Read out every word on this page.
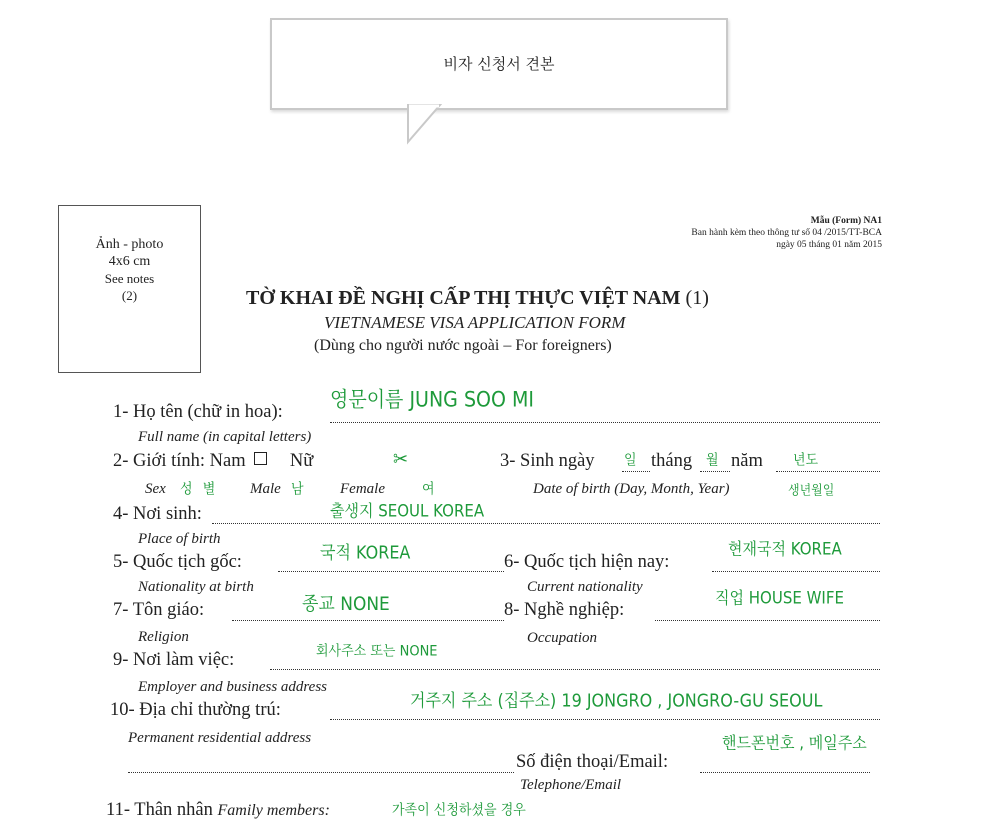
비자 신청서 견본
Ảnh - photo
4x6 cm
See notes
(2)
Mẫu (Form) NA1
Ban hành kèm theo thông tư số 04 /2015/TT-BCA
ngày 05 tháng 01 năm 2015
TỜ KHAI ĐỀ NGHỊ CẤP THỊ THỰC VIỆT NAM (1)
VIETNAMESE VISA APPLICATION FORM
(Dùng cho người nước ngoài – For foreigners)
1- Họ tên (chữ in hoa): 영문이름 JUNG SOO MI
Full name (in capital letters)
2- Giới tính: Nam Nữ	✂	3- Sinh ngày	tháng năm
일	월	년도
Sex 성 별 Male 남 Female	여	Date of birth (Day, Month, Year)	생년월일
4- Nơi sinh:	출생지 SEOUL KOREA
Place of birth
5- Quốc tịch gốc:	국적 KOREA	6- Quốc tịch hiện nay:
현재국적 KOREA
Nationality at birth	Current nationality
7- Tôn giáo:	종교 NONE	8- Nghề nghiệp:
직업 HOUSE WIFE
Religion	Occupation
9- Nơi làm việc:	회사주소 또는 NONE
Employer and business address
10- Địa chỉ thường trú:	거주지 주소 (집주소) 19 JONGRO , JONGRO-GU SEOUL
Permanent residential address
Số điện thoại/Email:
핸드폰번호 , 메일주소
Telephone/Email
11- Thân nhân Family members:	가족이 신청하셨을 경우
